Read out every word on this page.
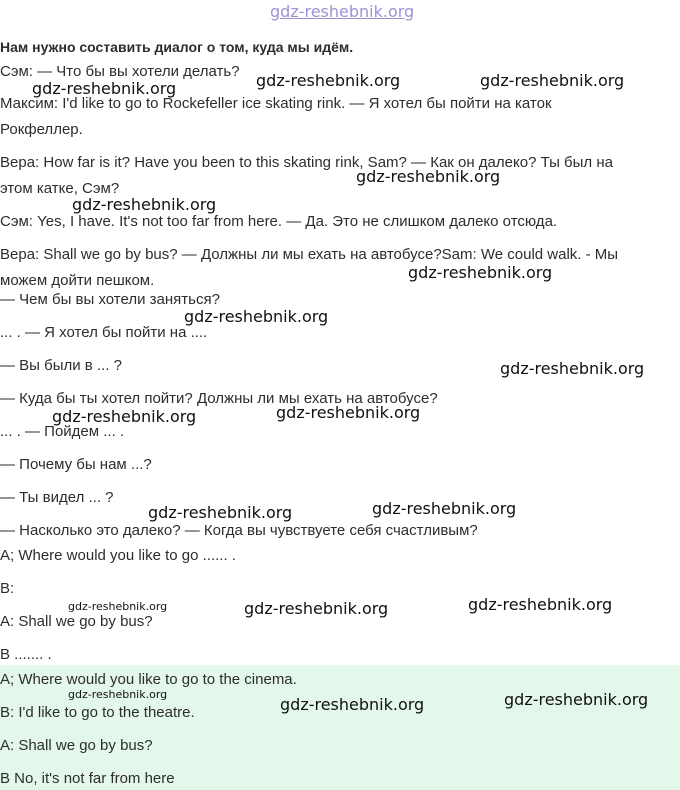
gdz-reshebnik.org
Нам нужно составить диалог о том, куда мы идём.
Сэм: — Что бы вы хотели делать?
Максим: I'd like to go to Rockefeller ice skating rink. — Я хотел бы пойти на каток
Рокфеллер.
Вера: How far is it? Have you been to this skating rink, Sam? — Как он далеко? Ты был на
этом катке, Сэм?
Сэм: Yes, I have. It's not too far from here. — Да. Это не слишком далеко отсюда.
Вера: Shall we go by bus? — Должны ли мы ехать на автобусе?Sam: We could walk. - Мы
можем дойти пешком.
— Чем бы вы хотели заняться?
... . — Я хотел бы пойти на ....
— Вы были в ... ?
— Куда бы ты хотел пойти? Должны ли мы ехать на автобусе?
... . — Пойдем ... .
— Почему бы нам ...?
— Ты видел ... ?
— Насколько это далеко? — Когда вы чувствуете себя счастливым?
A; Where would you like to go ...... .
B:
A: Shall we go by bus?
B ....... .
A; Where would you like to go to the cinema.
B: I'd like to go to the theatre.
A: Shall we go by bus?
B No, it's not far from here
gdz-reshebnik.org	gdz-reshebnik.org
gdz-reshebnik.org
gdz-reshebnik.org
gdz-reshebnik.org
gdz-reshebnik.org
gdz-reshebnik.org
gdz-reshebnik.org
gdz-reshebnik.org
gdz-reshebnik.org
gdz-reshebnik.org
gdz-reshebnik.org
gdz-reshebnik.org	gdz-reshebnik.org
gdz-reshebnik.org
gdz-reshebnik.org	gdz-reshebnik.org
gdz-reshebnik.org
